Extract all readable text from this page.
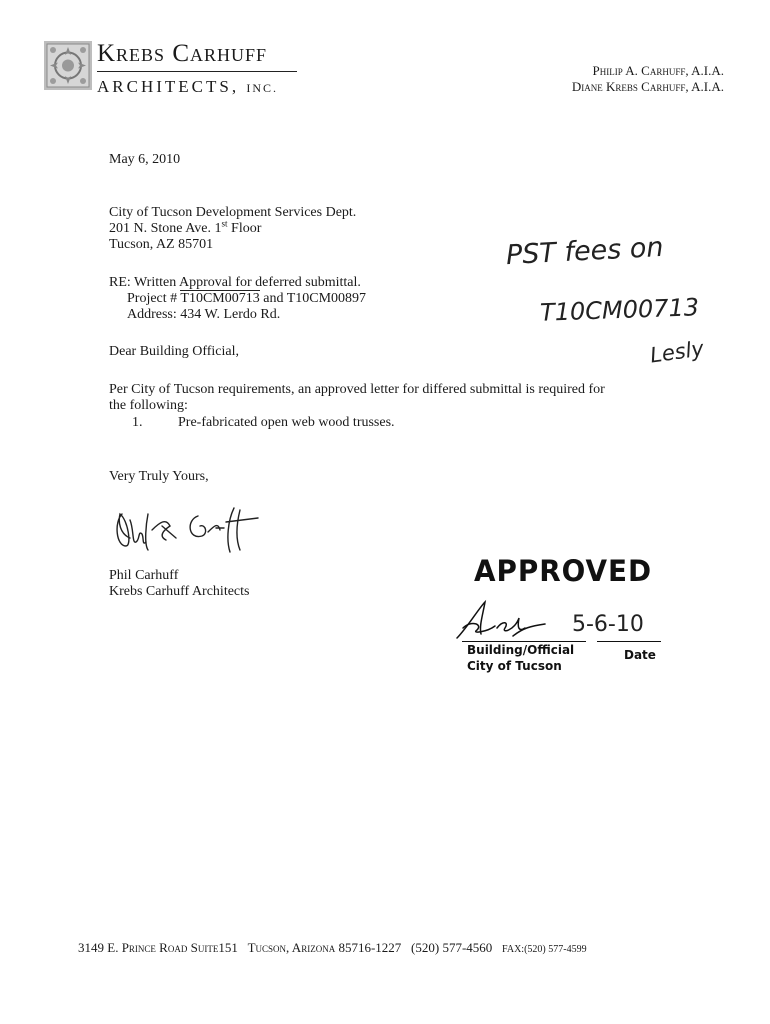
Krebs Carhuff
ARCHITECTS, INC.
Philip A. Carhuff, A.I.A.
Diane Krebs Carhuff, A.I.A.
May 6, 2010
City of Tucson Development Services Dept.
201 N. Stone Ave. 1st Floor
Tucson, AZ 85701
RE: Written Approval for deferred submittal.
Project # T10CM00713 and T10CM00897
Address: 434 W. Lerdo Rd.
Dear Building Official,
Per City of Tucson requirements, an approved letter for differed submittal is required for
the following:
1.	Pre-fabricated open web wood trusses.
Very Truly Yours,
Phil Carhuff
Krebs Carhuff Architects
PST fees on
T10CM00713
Lesly
APPROVED
5-6-10
Building/Official	Date
City of Tucson
3149 E. Prince Road Suite151 Tucson, Arizona 85716-1227 (520) 577-4560 FAX:(520) 577-4599
